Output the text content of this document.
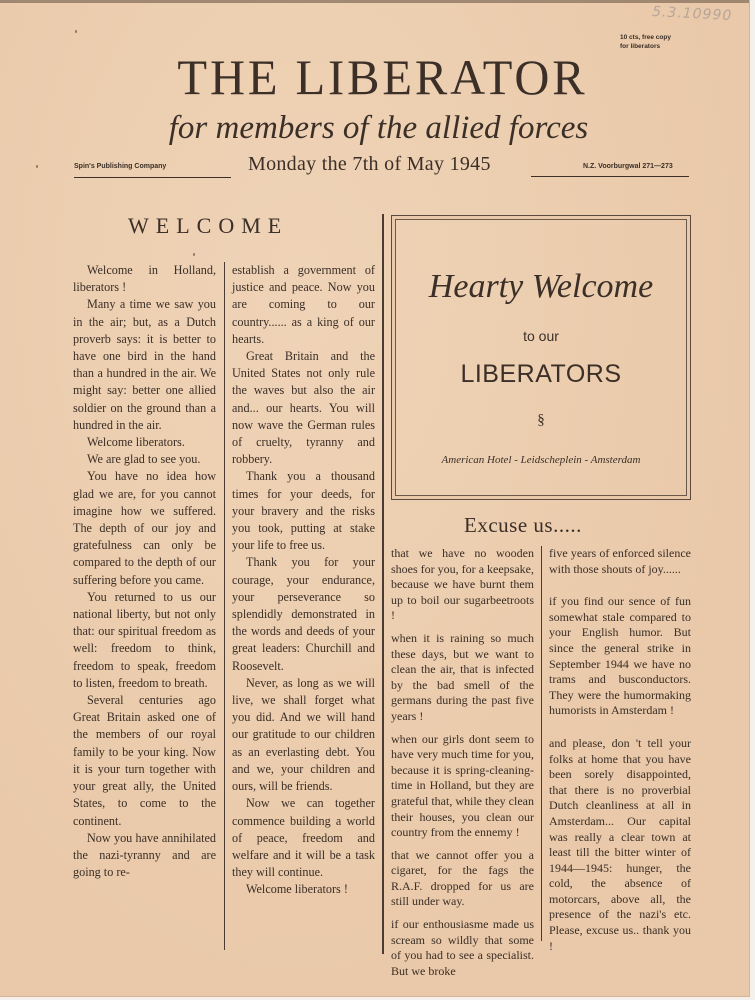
5.3.10990
10 cts, free copy
for liberators
THE LIBERATOR
for members of the allied forces
Spin's Publishing Company	Monday the 7th of May 1945	N.Z. Voorburgwal 271—273
WELCOME

Welcome in Holland, liberators !

Many a time we saw you in the air; but, as a Dutch proverb says: it is better to have one bird in the hand than a hundred in the air. We might say: better one allied soldier on the ground than a hundred in the air.

Welcome liberators.

We are glad to see you.

You have no idea how glad we are, for you cannot imagine how we suffered. The depth of our joy and gratefulness can only be compared to the depth of our suffering before you came.

You returned to us our national liberty, but not only that: our spiritual freedom as well: freedom to think, freedom to speak, freedom to listen, freedom to breath.

Several centuries ago Great Britain asked one of the members of our royal family to be your king. Now it is your turn together with your great ally, the United States, to come to the continent.

Now you have annihilated the nazi-tyranny and are going to re-

establish a government of justice and peace. Now you are coming to our country...... as a king of our hearts.

Great Britain and the United States not only rule the waves but also the air and... our hearts. You will now wave the German rules of cruelty, tyranny and robbery.

Thank you a thousand times for your deeds, for your bravery and the risks you took, putting at stake your life to free us.

Thank you for your courage, your endurance, your perseverance so splendidly demonstrated in the words and deeds of your great leaders: Churchill and Roosevelt.

Never, as long as we will live, we shall forget what you did. And we will hand our gratitude to our children as an everlasting debt. You and we, your children and ours, will be friends.

Now we can together commence building a world of peace, freedom and welfare and it will be a task they will continue.

Welcome liberators !

Hearty Welcome
to our
LIBERATORS
§
American Hotel - Leidscheplein - Amsterdam
Excuse us.....

that we have no wooden shoes for you, for a keepsake, because we have burnt them up to boil our sugarbeetroots !

when it is raining so much these days, but we want to clean the air, that is infected by the bad smell of the germans during the past five years !

when our girls dont seem to have very much time for you, because it is spring-cleaning-time in Holland, but they are grateful that, while they clean their houses, you clean our country from the ennemy !

that we cannot offer you a cigaret, for the fags the R.A.F. dropped for us are still under way.

if our enthousiasme made us scream so wildly that some of you had to see a specialist. But we broke

five years of enforced silence with those shouts of joy......

if you find our sence of fun somewhat stale compared to your English humor. But since the general strike in September 1944 we have no trams and busconductors. They were the humormaking humorists in Amsterdam !

and please, don 't tell your folks at home that you have been sorely disappointed, that there is no proverbial Dutch cleanliness at all in Amsterdam... Our capital was really a clear town at least till the bitter winter of 1944—1945: hunger, the cold, the absence of motorcars, above all, the presence of the nazi's etc. Please, excuse us.. thank you !
